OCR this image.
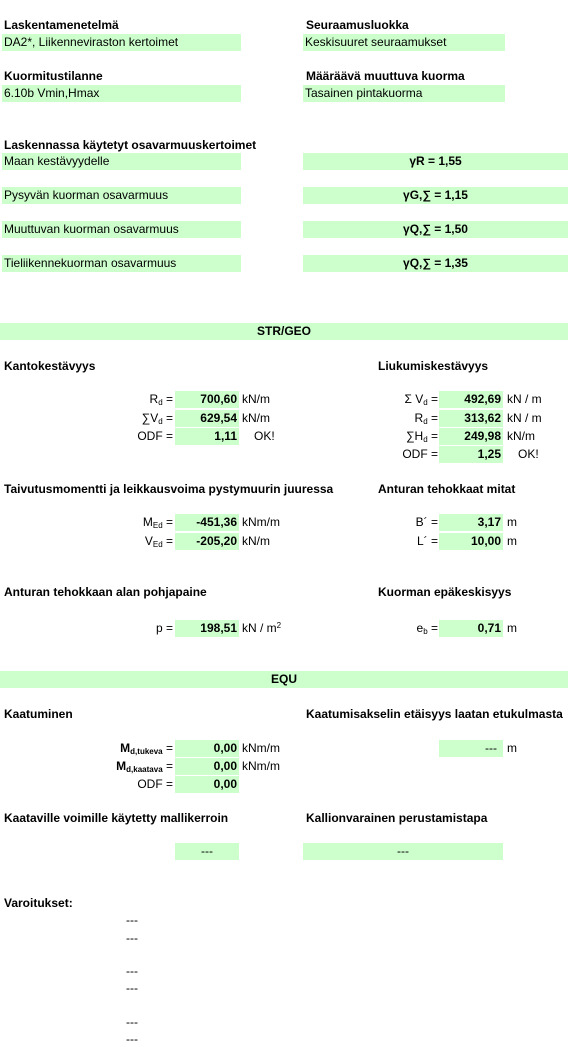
Laskentamenetelmä
DA2*, Liikenneviraston kertoimet
Seuraamusluokka
Keskisuuret seuraamukset
Kuormitustilanne
6.10b Vmin,Hmax
Määräävä muuttuva kuorma
Tasainen pintakuorma
Laskennassa käytetyt osavarmuuskertoimet
Maan kestävyydelle	γR = 1,55
Pysyvän kuorman osavarmuus	γG,∑ = 1,15
Muuttuvan kuorman osavarmuus	γQ,∑ = 1,50
Tieliikennekuorman osavarmuus	γQ,∑ = 1,35
STR/GEO
Kantokestävyys
$R_d$ =	700,60 kN/m
$\sum V_d$ =	629,54 kN/m
ODF =	1,11 OK!
Liukumiskestävyys
Σ $V_d$ =	492,69 kN / m
$R_d$ =	313,62 kN / m
$\sum H_d$ =	249,98 kN/m
ODF =	1,25 OK!
Taivutusmomentti ja leikkausvoima pystymuurin juuressa
$M_{Ed}$ =	-451,36 kNm/m
$V_{Ed}$ =	-205,20 kN/m
Anturan tehokkaat mitat
B´ =	3,17 m
L´ =	10,00 m
Anturan tehokkaan alan pohjapaine
p =	198,51 kN / $m^2$
Kuorman epäkeskisyys
$e_b$ =	0,71 m
EQU
Kaatuminen
$M_{d,tukeva}$ =	0,00 kNm/m
$M_{d,kaatava}$ =	0,00 kNm/m
ODF =	0,00
Kaatumisakselin etäisyys laatan etukulmasta
--- m
Kaataville voimille käytetty mallikerroin
---
Kallionvarainen perustamistapa
---
Varoitukset:
---
---
---
---
---
---
